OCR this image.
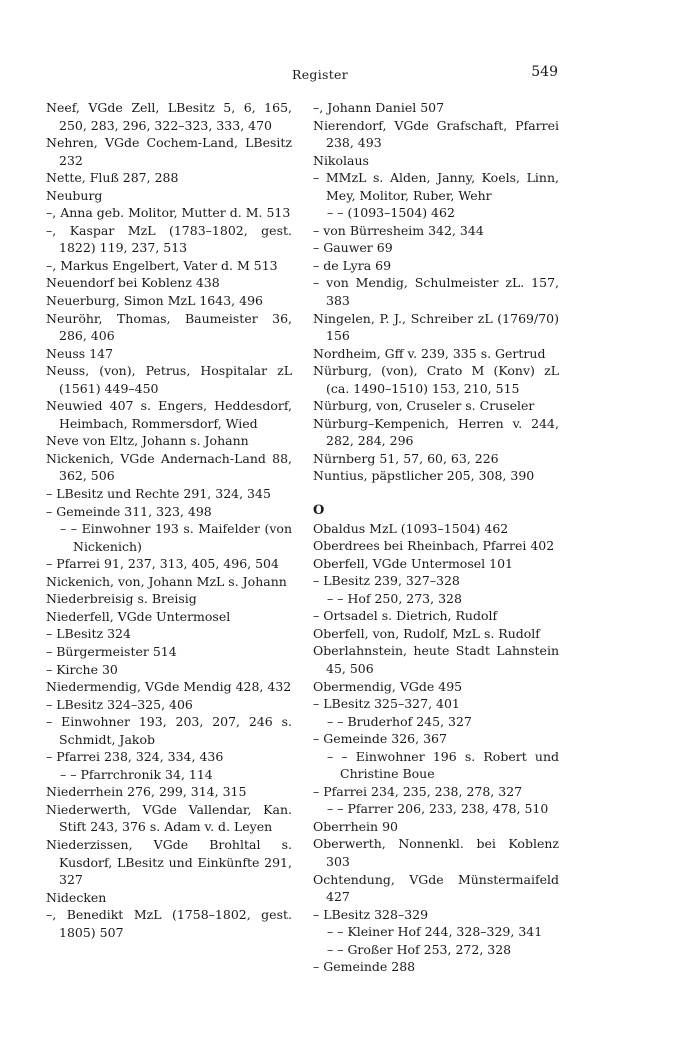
Register	549
Neef, VGde Zell, LBesitz 5, 6, 165, 250, 283, 296, 322–323, 333, 470
Nehren, VGde Cochem-Land, LBesitz 232
Nette, Fluß 287, 288
Neuburg
–, Anna geb. Molitor, Mutter d. M. 513
–, Kaspar MzL (1783–1802, gest. 1822) 119, 237, 513
–, Markus Engelbert, Vater d. M 513
Neuendorf bei Koblenz 438
Neuerburg, Simon MzL 1643, 496
Neuröhr, Thomas, Baumeister 36, 286, 406
Neuss 147
Neuss, (von), Petrus, Hospitalar zL (1561) 449–450
Neuwied 407 s. Engers, Heddesdorf, Heimbach, Rommersdorf, Wied
Neve von Eltz, Johann s. Johann
Nickenich, VGde Andernach-Land 88, 362, 506
– LBesitz und Rechte 291, 324, 345
– Gemeinde 311, 323, 498
– – Einwohner 193 s. Maifelder (von Nickenich)
– Pfarrei 91, 237, 313, 405, 496, 504
Nickenich, von, Johann MzL s. Johann
Niederbreisig s. Breisig
Niederfell, VGde Untermosel
– LBesitz 324
– Bürgermeister 514
– Kirche 30
Niedermendig, VGde Mendig 428, 432
– LBesitz 324–325, 406
– Einwohner 193, 203, 207, 246 s. Schmidt, Jakob
– Pfarrei 238, 324, 334, 436
– – Pfarrchronik 34, 114
Niederrhein 276, 299, 314, 315
Niederwerth, VGde Vallendar, Kan. Stift 243, 376 s. Adam v. d. Leyen
Niederzissen, VGde Brohltal s. Kusdorf, LBesitz und Einkünfte 291, 327
Nidecken
–, Benedikt MzL (1758–1802, gest. 1805) 507
–, Johann Daniel 507
Nierendorf, VGde Grafschaft, Pfarrei 238, 493
Nikolaus
– MMzL s. Alden, Janny, Koels, Linn, Mey, Molitor, Ruber, Wehr
– – (1093–1504) 462
– von Bürresheim 342, 344
– Gauwer 69
– de Lyra 69
– von Mendig, Schulmeister zL. 157, 383
Ningelen, P. J., Schreiber zL (1769/70) 156
Nordheim, Gff v. 239, 335 s. Gertrud
Nürburg, (von), Crato M (Konv) zL (ca. 1490–1510) 153, 210, 515
Nürburg, von, Cruseler s. Cruseler
Nürburg–Kempenich, Herren v. 244, 282, 284, 296
Nürnberg 51, 57, 60, 63, 226
Nuntius, päpstlicher 205, 308, 390
O
Obaldus MzL (1093–1504) 462
Oberdrees bei Rheinbach, Pfarrei 402
Oberfell, VGde Untermosel 101
– LBesitz 239, 327–328
– – Hof 250, 273, 328
– Ortsadel s. Dietrich, Rudolf
Oberfell, von, Rudolf, MzL s. Rudolf
Oberlahnstein, heute Stadt Lahnstein 45, 506
Obermendig, VGde 495
– LBesitz 325–327, 401
– – Bruderhof 245, 327
– Gemeinde 326, 367
– – Einwohner 196 s. Robert und Christine Boue
– Pfarrei 234, 235, 238, 278, 327
– – Pfarrer 206, 233, 238, 478, 510
Oberrhein 90
Oberwerth, Nonnenkl. bei Koblenz 303
Ochtendung, VGde Münstermaifeld 427
– LBesitz 328–329
– – Kleiner Hof 244, 328–329, 341
– – Großer Hof 253, 272, 328
– Gemeinde 288
